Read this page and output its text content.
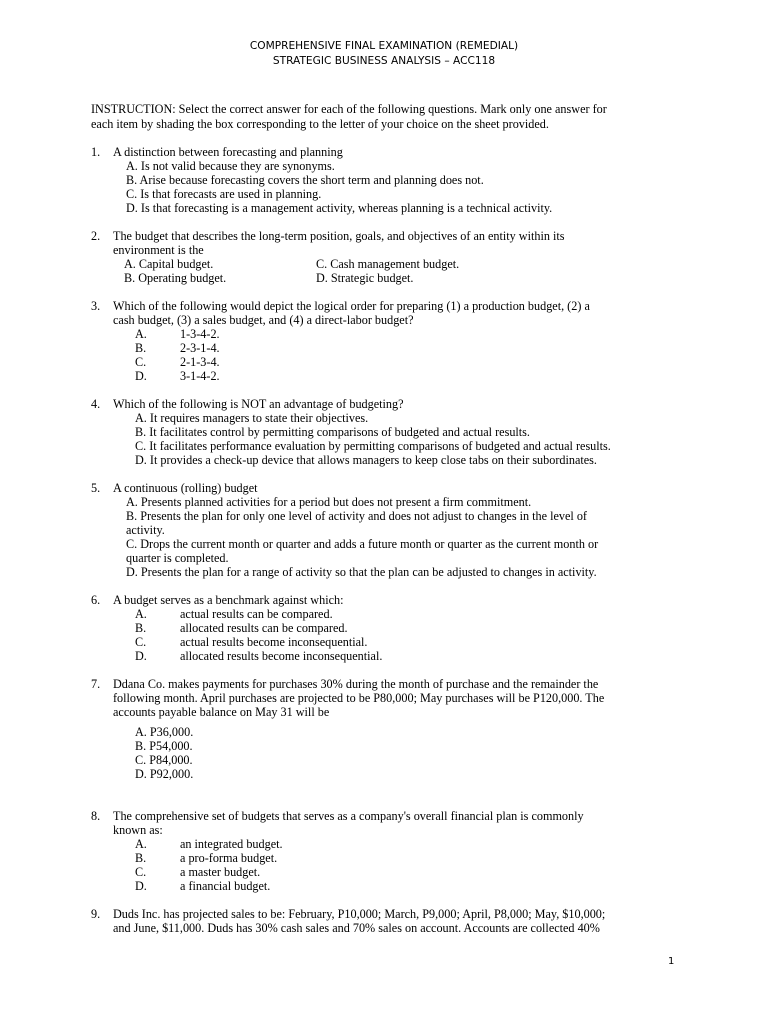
COMPREHENSIVE FINAL EXAMINATION (REMEDIAL)
STRATEGIC BUSINESS ANALYSIS – ACC118
INSTRUCTION: Select the correct answer for each of the following questions. Mark only one answer for
each item by shading the box corresponding to the letter of your choice on the sheet provided.
1. A distinction between forecasting and planning
A. Is not valid because they are synonyms.
B. Arise because forecasting covers the short term and planning does not.
C. Is that forecasts are used in planning.
D. Is that forecasting is a management activity, whereas planning is a technical activity.
2. The budget that describes the long-term position, goals, and objectives of an entity within its
environment is the
A. Capital budget.	C. Cash management budget.
B. Operating budget.	D. Strategic budget.
3. Which of the following would depict the logical order for preparing (1) a production budget, (2) a
cash budget, (3) a sales budget, and (4) a direct-labor budget?
A.	1-3-4-2.
B.	2-3-1-4.
C.	2-1-3-4.
D.	3-1-4-2.
4. Which of the following is NOT an advantage of budgeting?
A. It requires managers to state their objectives.
B. It facilitates control by permitting comparisons of budgeted and actual results.
C. It facilitates performance evaluation by permitting comparisons of budgeted and actual results.
D. It provides a check-up device that allows managers to keep close tabs on their subordinates.
5. A continuous (rolling) budget
A. Presents planned activities for a period but does not present a firm commitment.
B. Presents the plan for only one level of activity and does not adjust to changes in the level of
activity.
C. Drops the current month or quarter and adds a future month or quarter as the current month or
quarter is completed.
D. Presents the plan for a range of activity so that the plan can be adjusted to changes in activity.
6. A budget serves as a benchmark against which:
A.	actual results can be compared.
B.	allocated results can be compared.
C.	actual results become inconsequential.
D.	allocated results become inconsequential.
7. Ddana Co. makes payments for purchases 30% during the month of purchase and the remainder the
following month. April purchases are projected to be P80,000; May purchases will be P120,000. The
accounts payable balance on May 31 will be
A. P36,000.
B. P54,000.
C. P84,000.
D. P92,000.
8. The comprehensive set of budgets that serves as a company's overall financial plan is commonly
known as:
A.	an integrated budget.
B.	a pro-forma budget.
C.	a master budget.
D.	a financial budget.
9. Duds Inc. has projected sales to be: February, P10,000; March, P9,000; April, P8,000; May, $10,000;
and June, $11,000. Duds has 30% cash sales and 70% sales on account. Accounts are collected 40%
1
